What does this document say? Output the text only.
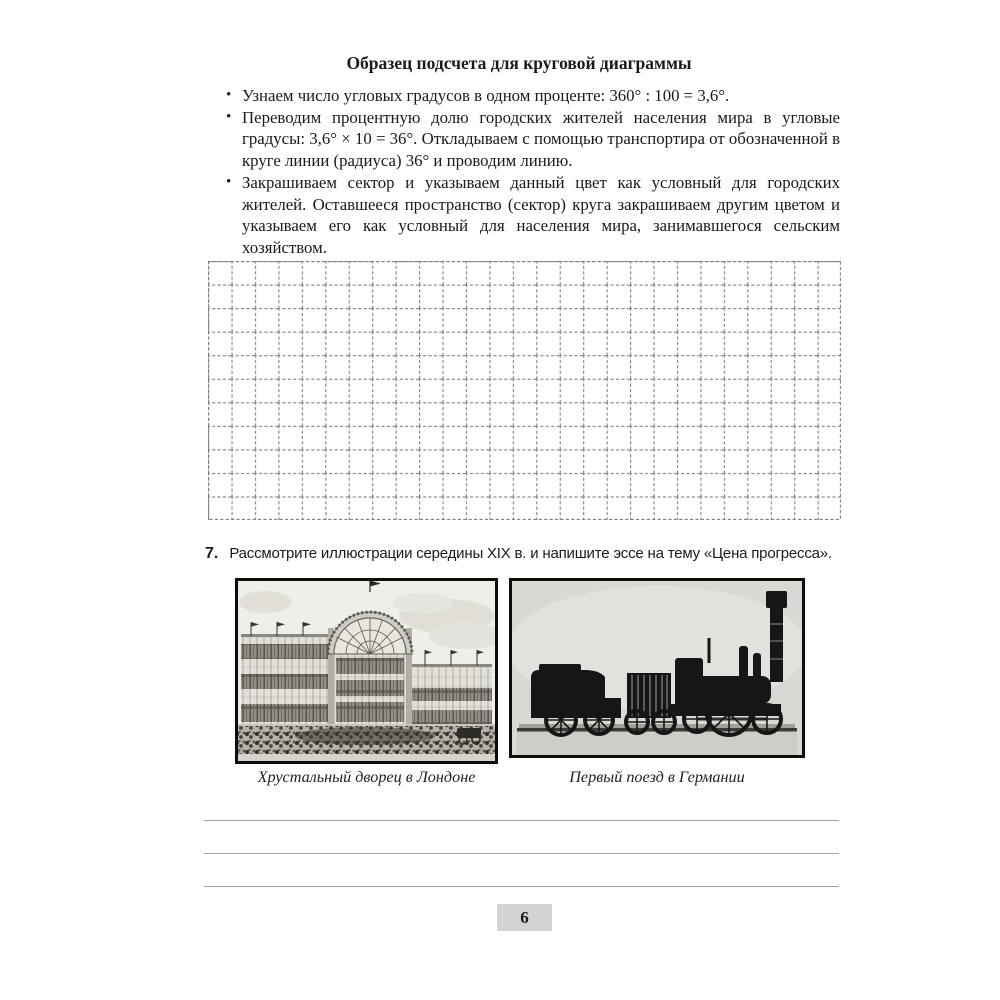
Образец подсчета для круговой диаграммы
• Узнаем число угловых градусов в одном проценте: 360° : 100 = 3,6°.
• Переводим процентную долю городских жителей населения мира в угловые градусы: 3,6° × 10 = 36°. Откладываем с помощью транспортира от обозначенной в круге линии (радиуса) 36° и проводим линию.
• Закрашиваем сектор и указываем данный цвет как условный для городских жителей. Оставшееся пространство (сектор) круга закрашиваем другим цветом и указываем его как условный для населения мира, занимавшегося сельским хозяйством.
7. Рассмотрите иллюстрации середины XIX в. и напишите эссе на тему «Цена прогресса».
Хрустальный дворец в Лондоне	Первый поезд в Германии
6
